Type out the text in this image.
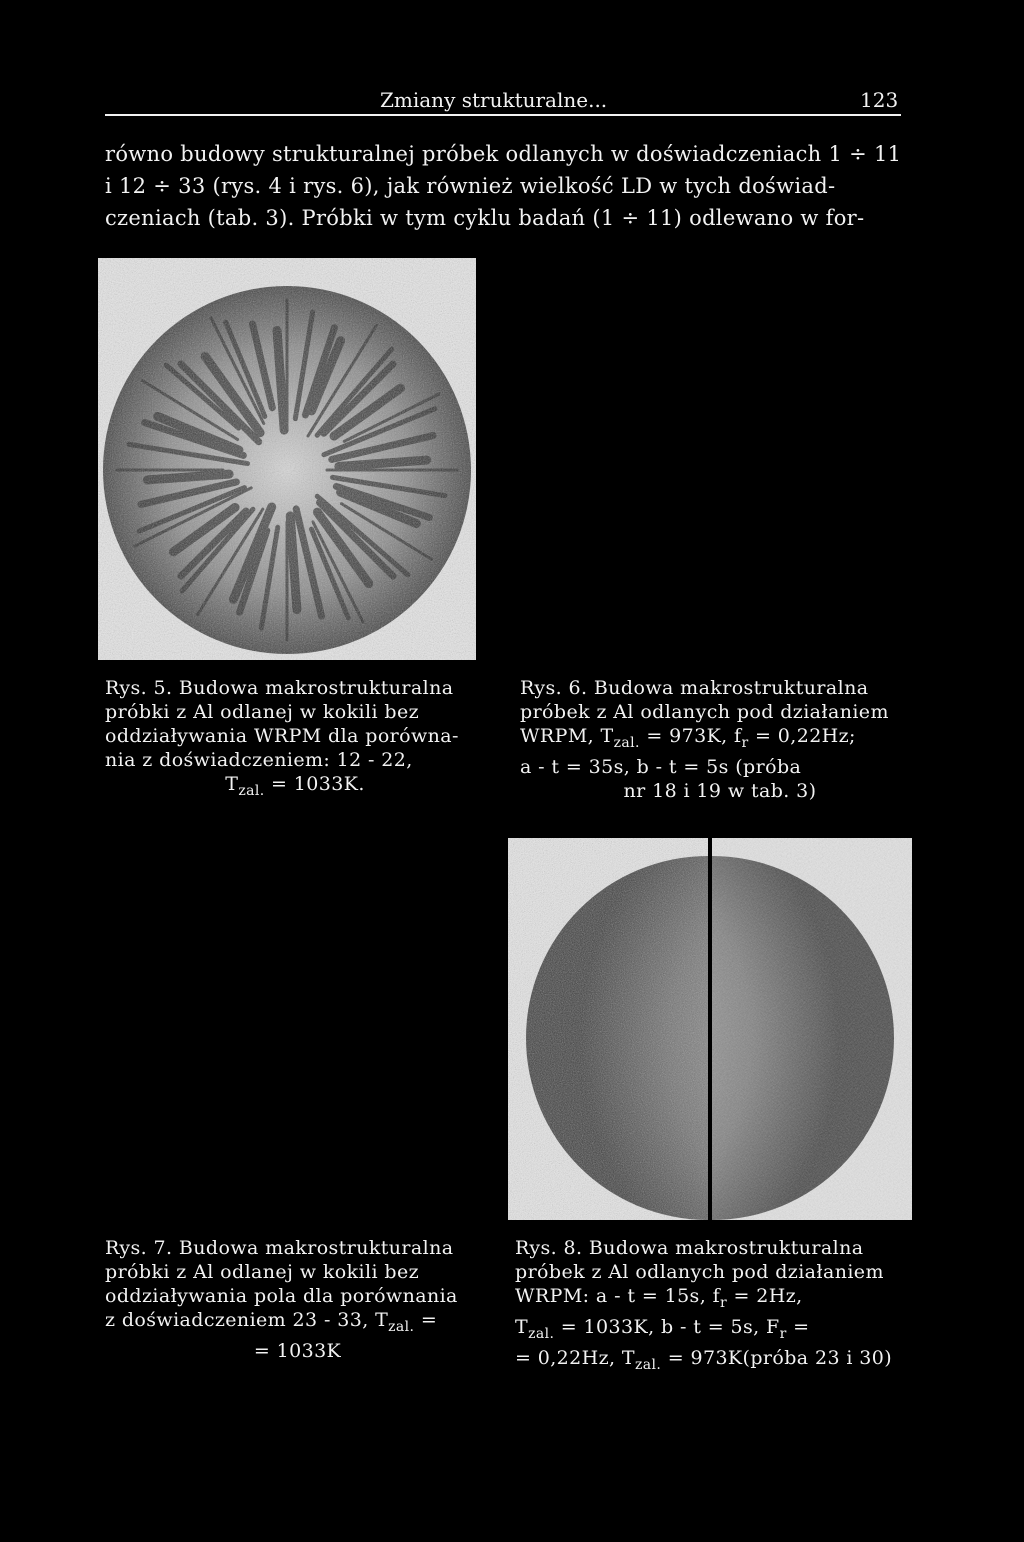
Zmiany strukturalne...	123
równo budowy strukturalnej próbek odlanych w doświadczeniach 1 ÷ 11
i 12 ÷ 33 (rys. 4 i rys. 6), jak również wielkość LD w tych doświad-
czeniach (tab. 3). Próbki w tym cyklu badań (1 ÷ 11) odlewano w for-
Rys. 5. Budowa makrostrukturalna
próbki z Al odlanej w kokili bez
oddziaływania WRPM dla porówna-
nia z doświadczeniem: 12 - 22,
$T_{zal.} = 1033K$.
Rys. 6. Budowa makrostrukturalna
próbek z Al odlanych pod działaniem
WRPM, $T_{zal.} = 973K$, $f_r = 0,22Hz$;
a - t = 35s, b - t = 5s (próba
nr 18 i 19 w tab. 3)
Rys. 7. Budowa makrostrukturalna
próbki z Al odlanej w kokili bez
oddziaływania pola dla porównania
z doświadczeniem 23 - 33, $T_{zal.}$ =
= 1033K
Rys. 8. Budowa makrostrukturalna
próbek z Al odlanych pod działaniem
WRPM: a - t = 15s, $f_r = 2Hz$,
$T_{zal.} = 1033K$, b - t = 5s, $F_r$ =
= 0,22Hz, $T_{zal.}$ = 973K(próba 23 i 30)
